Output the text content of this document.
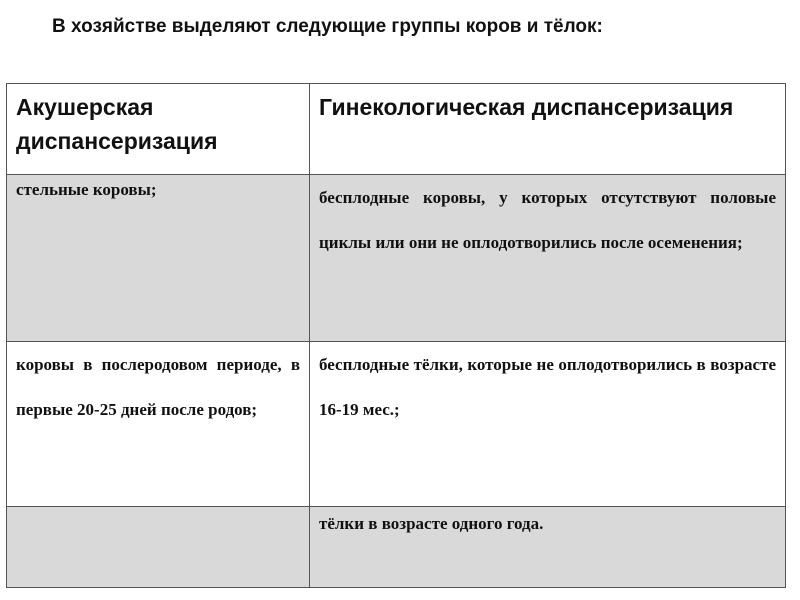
В хозяйстве выделяют следующие группы коров и тёлок:
Акушерская диспансеризация	Гинекологическая диспансеризация
стельные коровы;	бесплодные коровы, у которых отсутствуют половые циклы или они не оплодотворились после осеменения;
коровы в послеродовом периоде, в первые 20-25 дней после родов;	бесплодные тёлки, которые не оплодотворились в возрасте 16-19 мес.;
	тёлки в возрасте одного года.
